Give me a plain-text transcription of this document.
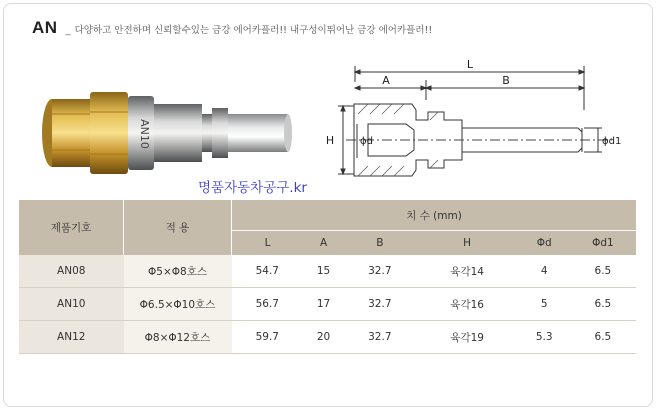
AN _ 다양하고 안전하며 신뢰할수있는 금강 에어카플러!! 내구성이뛰어난 금강 에어카플러!!
AN10
A
L
B
H	ϕd	ϕd1
명품자동차공구.kr
제품기호	적 용	치 수 (mm)					
		L	A	B	H	Φd	Φd1
AN08	Φ5×Φ8호스	54.7	15	32.7	육각14	4	6.5
AN10	Φ6.5×Φ10호스	56.7	17	32.7	육각16	5	6.5
AN12	Φ8×Φ12호스	59.7	20	32.7	육각19	5.3	6.5
